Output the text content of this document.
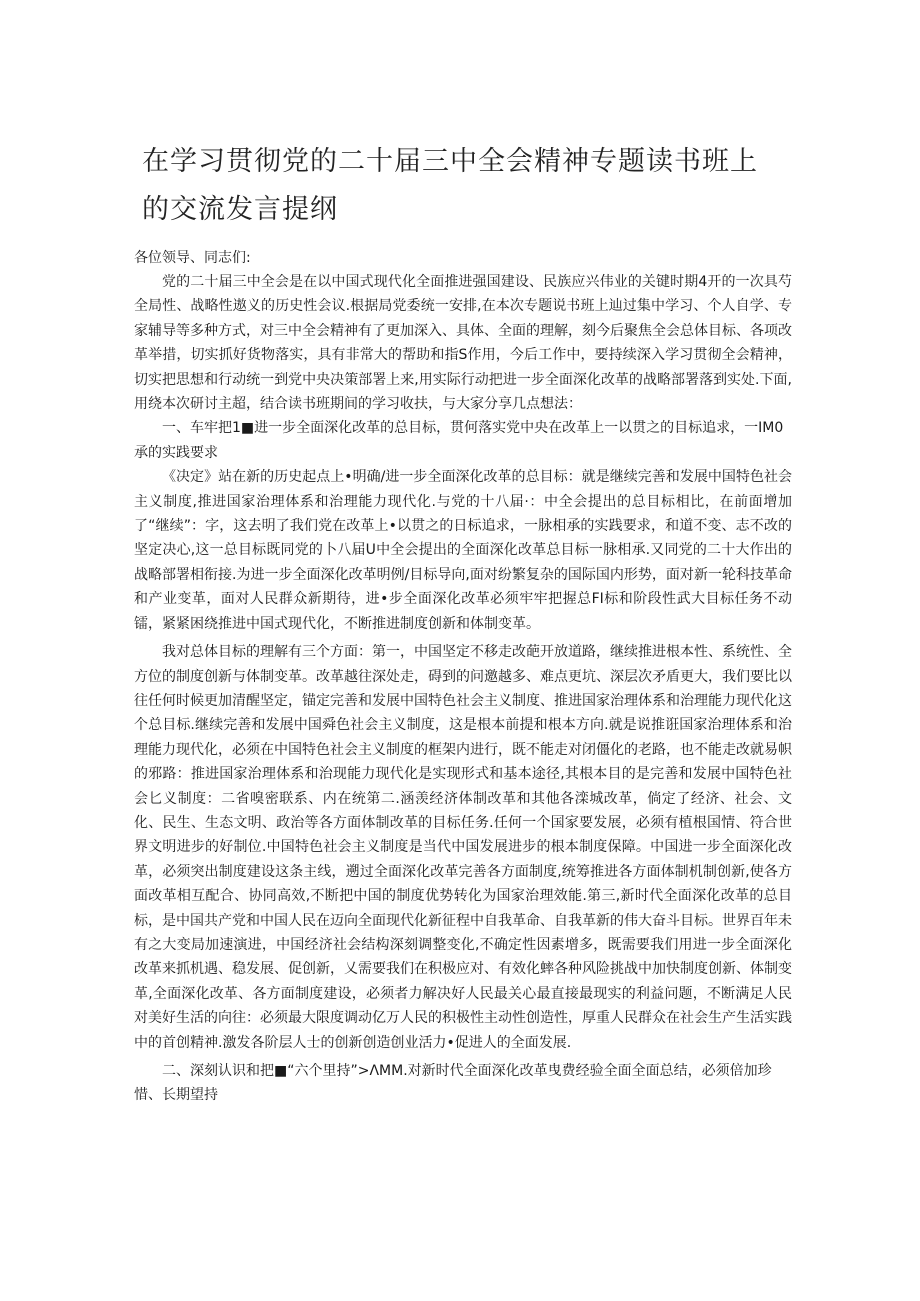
在学习贯彻党的二十届三中全会精神专题读书班上
的交流发言提纲

各位领导、同志们:

党的二十届三中全会是在以中国式现代化全面推进强国建设、民族应兴伟业的关键时期4开的一次具芍全局性、战略性遨义的历史性会议.根据局党委统一安排,在本次专题说书班上辿过集中学习、个人自学、专家辅导等多种方式，对三中全会精神有了更加深入、具体、全面的理解，刻今后聚焦全会总体目标、各项改革举措，切实抓好货物落实，具有非常大的帮助和指S作用，今后工作中，要持续深入学习贯彻全会精神，切实把思想和行动统一到党中央决策部署上来,用实际行动把进一步全面深化改革的战略部署落到实处.下面,用绕本次研讨主超，结合读书班期间的学习收扶，与大家分享几点想法：

一、车牢把1■进一步全面深化改革的总目标，贯何落实党中央在改革上一以贯之的目标追求，一IM0承的实践要求

《决定》站在新的历史起点上•明确/进一步全面深化改革的总目标：就是继续完善和发展中国特色社会主义制度,推进国家治理体系和治理能力现代化.与党的十八届·：中全会提出的总目标相比，在前面增加了“继续”：字，这去明了我们党在改革上•以贯之的日标追求，一脉相承的实践要求，和道不变、志不改的坚定决心,这一总目标既同党的卜八届U中全会提出的全面深化改革总目标一脉相承.又同党的二十大作出的战略部署相衔接.为进一步全面深化改革明例/目标导向,面对纷繁复杂的国际国内形势，面对新一轮科技革命和产业变革，面对人民群众新期待，进•步全面深化改革必须牢牢把握总FI标和阶段性武大目标任务不动镭，紧紧困绕推进中国式现代化，不断推进制度创新和体制变革。

我对总体目标的理解有三个方面：第一，中国坚定不移走改葩开放道路，继续推进根本性、系统性、全方位的制度创新与体制变革。改革越往深处走，碍到的问邀越多、难点更坑、深层次矛盾更大，我们要比以往任何时候更加清醒坚定，锚定完善和发展中国特色社会主义制度、推进国家治理体系和治理能力现代化这个总目标.继续完善和发展中国舜色社会主义制度，这是根本前提和根本方向.就是说推诳国家治理体系和治理能力现代化，必须在中国特色社会主义制度的框架内进行，既不能走对闭僵化的老路，也不能走改就易帜的邪路：推进国家治理体系和治现能力现代化是实现形式和基本途径,其根本目的是完善和发展中国特色社会匕义制度：二省嗅密联系、内在统第二.涵羡经济体制改革和其他各滦城改革，倘定了经济、社会、文化、民生、生态文明、政治等各方面体制改革的目标任务.任何一个国家要发展，必须有植根国情、符合世界文明进步的好制位.中国特色社会主义制度是当代中国发展进步的根本制度保障。中国进一步全面深化改革，必须突出制度建设这条主线，遡过全面深化改革完善各方面制度,统筹推进各方面体制机制创新,使各方面改革相互配合、协同高效,不断把中国的制度优势转化为国家治理效能.第三,新时代全面深化改革的总目标，是中国共产党和中国人民在迈向全面现代化新征程中自我革命、自我革新的伟大奋斗目标。世界百年未有之大变局加速演进，中国经济社会结构深刻调整变化,不确定性因素增多，既需要我们用进一步全面深化改革来抓机遇、稳发展、促创新，乂需要我们在积极应对、有效化蟀各种风险挑战中加快制度创新、体制变革,全面深化改革、各方面制度建设，必须者力解决好人民最关心最直接最现实的利益问题，不断满足人民对美好生活的向往：必须最大限度调动亿万人民的积极性主动性创造性，厚重人民群众在社会生产生活实践中的首创精神.激发各阶层人士的创新创造创业活力•促进人的全面发展.

二、深刻认识和把■“六个里持”>ΛMM.对新时代全面深化改革曳费经验全面全面总结，必须倍加珍惜、长期望持
